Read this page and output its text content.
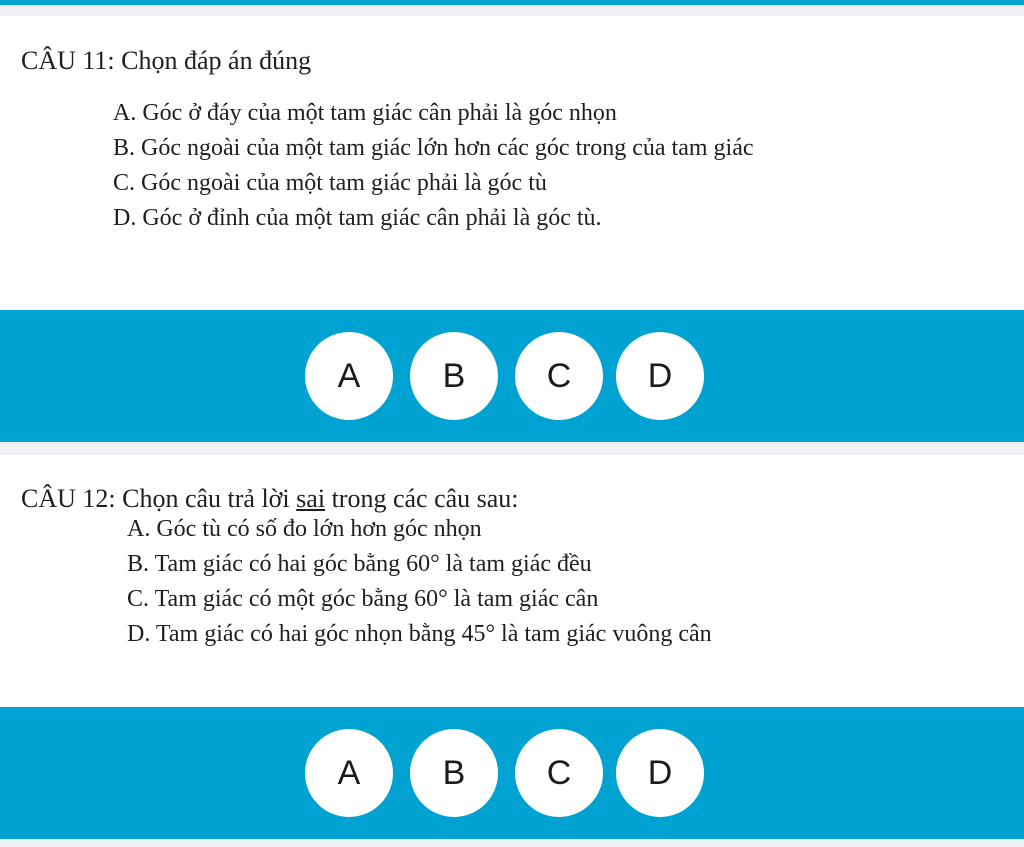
CÂU 11: Chọn đáp án đúng
A. Góc ở đáy của một tam giác cân phải là góc nhọn
B. Góc ngoài của một tam giác lớn hơn các góc trong của tam giác
C. Góc ngoài của một tam giác phải là góc tù
D. Góc ở đỉnh của một tam giác cân phải là góc tù.
A	B	C	D
CÂU 12: Chọn câu trả lời sai trong các câu sau:
A. Góc tù có số đo lớn hơn góc nhọn
B. Tam giác có hai góc bằng 60° là tam giác đều
C. Tam giác có một góc bằng 60° là tam giác cân
D. Tam giác có hai góc nhọn bằng 45° là tam giác vuông cân
A	B	C	D
